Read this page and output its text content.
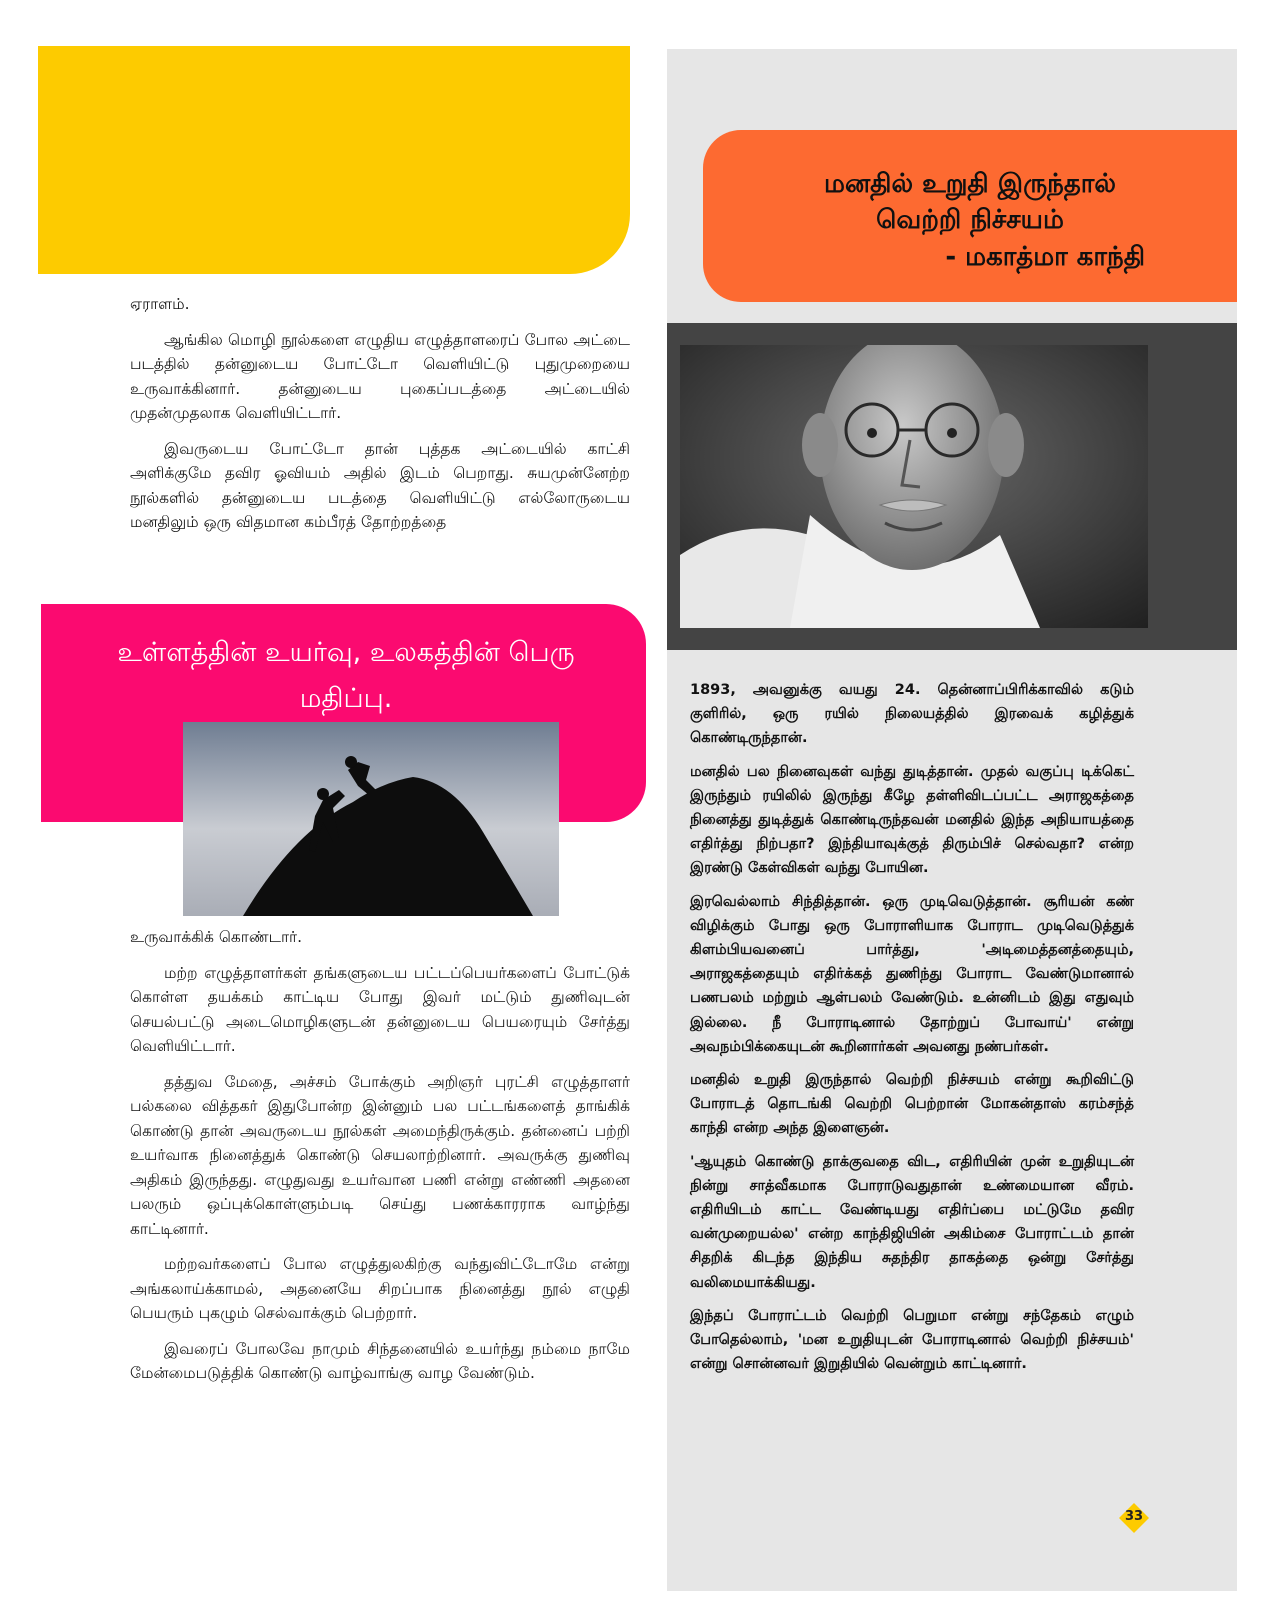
மனதில் உறுதி இருந்தால்
வெற்றி நிச்சயம்
- மகாத்மா காந்தி

ஏராளம்.

ஆங்கில மொழி நூல்களை எழுதிய எழுத்தாளரைப் போல அட்டை படத்தில் தன்னுடைய போட்டோ வெளியிட்டு புதுமுறையை உருவாக்கினார். தன்னுடைய புகைப்படத்தை அட்டையில் முதன்முதலாக வெளியிட்டார்.

இவருடைய போட்டோ தான் புத்தக அட்டையில் காட்சி அளிக்குமே தவிர ஓவியம் அதில் இடம் பெறாது. சுயமுன்னேற்ற நூல்களில் தன்னுடைய படத்தை வெளியிட்டு எல்லோருடைய மனதிலும் ஒரு விதமான கம்பீரத் தோற்றத்தை

உள்ளத்தின் உயர்வு, உலகத்தின் பெரு
மதிப்பு.

உருவாக்கிக் கொண்டார்.

மற்ற எழுத்தாளர்கள் தங்களுடைய பட்டப்பெயர்களைப் போட்டுக் கொள்ள தயக்கம் காட்டிய போது இவர் மட்டும் துணிவுடன் செயல்பட்டு அடைமொழிகளுடன் தன்னுடைய பெயரையும் சேர்த்து வெளியிட்டார்.

தத்துவ மேதை, அச்சம் போக்கும் அறிஞர் புரட்சி எழுத்தாளர் பல்கலை வித்தகர் இதுபோன்ற இன்னும் பல பட்டங்களைத் தாங்கிக் கொண்டு தான் அவருடைய நூல்கள் அமைந்திருக்கும். தன்னைப் பற்றி உயர்வாக நினைத்துக் கொண்டு செயலாற்றினார். அவருக்கு துணிவு அதிகம் இருந்தது. எழுதுவது உயர்வான பணி என்று எண்ணி அதனை பலரும் ஒப்புக்கொள்ளும்படி செய்து பணக்காரராக வாழ்ந்து காட்டினார்.

மற்றவர்களைப் போல எழுத்துலகிற்கு வந்துவிட்டோமே என்று அங்கலாய்க்காமல், அதனையே சிறப்பாக நினைத்து நூல் எழுதி பெயரும் புகழும் செல்வாக்கும் பெற்றார்.

இவரைப் போலவே நாமும் சிந்தனையில் உயர்ந்து நம்மை நாமே மேன்மைபடுத்திக் கொண்டு வாழ்வாங்கு வாழ வேண்டும்.

1893, அவனுக்கு வயது 24. தென்னாப்பிரிக்காவில் கடும் குளிரில், ஒரு ரயில் நிலையத்தில் இரவைக் கழித்துக் கொண்டிருந்தான்.

மனதில் பல நினைவுகள் வந்து துடித்தான். முதல் வகுப்பு டிக்கெட் இருந்தும் ரயிலில் இருந்து கீழே தள்ளிவிடப்பட்ட அராஜகத்தை நினைத்து துடித்துக் கொண்டிருந்தவன் மனதில் இந்த அநியாயத்தை எதிர்த்து நிற்பதா? இந்தியாவுக்குத் திரும்பிச் செல்வதா? என்ற இரண்டு கேள்விகள் வந்து போயின.

இரவெல்லாம் சிந்தித்தான். ஒரு முடிவெடுத்தான். சூரியன் கண் விழிக்கும் போது ஒரு போராளியாக போராட முடிவெடுத்துக் கிளம்பியவனைப் பார்த்து, 'அடிமைத்தனத்தையும், அராஜகத்தையும் எதிர்க்கத் துணிந்து போராட வேண்டுமானால் பணபலம் மற்றும் ஆள்பலம் வேண்டும். உன்னிடம் இது எதுவும் இல்லை. நீ போராடினால் தோற்றுப் போவாய்' என்று அவநம்பிக்கையுடன் கூறினார்கள் அவனது நண்பர்கள்.

மனதில் உறுதி இருந்தால் வெற்றி நிச்சயம் என்று கூறிவிட்டு போராடத் தொடங்கி வெற்றி பெற்றான் மோகன்தாஸ் கரம்சந்த் காந்தி என்ற அந்த இளைஞன்.

'ஆயுதம் கொண்டு தாக்குவதை விட, எதிரியின் முன் உறுதியுடன் நின்று சாத்வீகமாக போராடுவதுதான் உண்மையான வீரம். எதிரியிடம் காட்ட வேண்டியது எதிர்ப்பை மட்டுமே தவிர வன்முறையல்ல' என்ற காந்திஜியின் அகிம்சை போராட்டம் தான் சிதறிக் கிடந்த இந்திய சுதந்திர தாகத்தை ஒன்று சேர்த்து வலிமையாக்கியது.

இந்தப் போராட்டம் வெற்றி பெறுமா என்று சந்தேகம் எழும் போதெல்லாம், 'மன உறுதியுடன் போராடினால் வெற்றி நிச்சயம்' என்று சொன்னவர் இறுதியில் வென்றும் காட்டினார்.

33
